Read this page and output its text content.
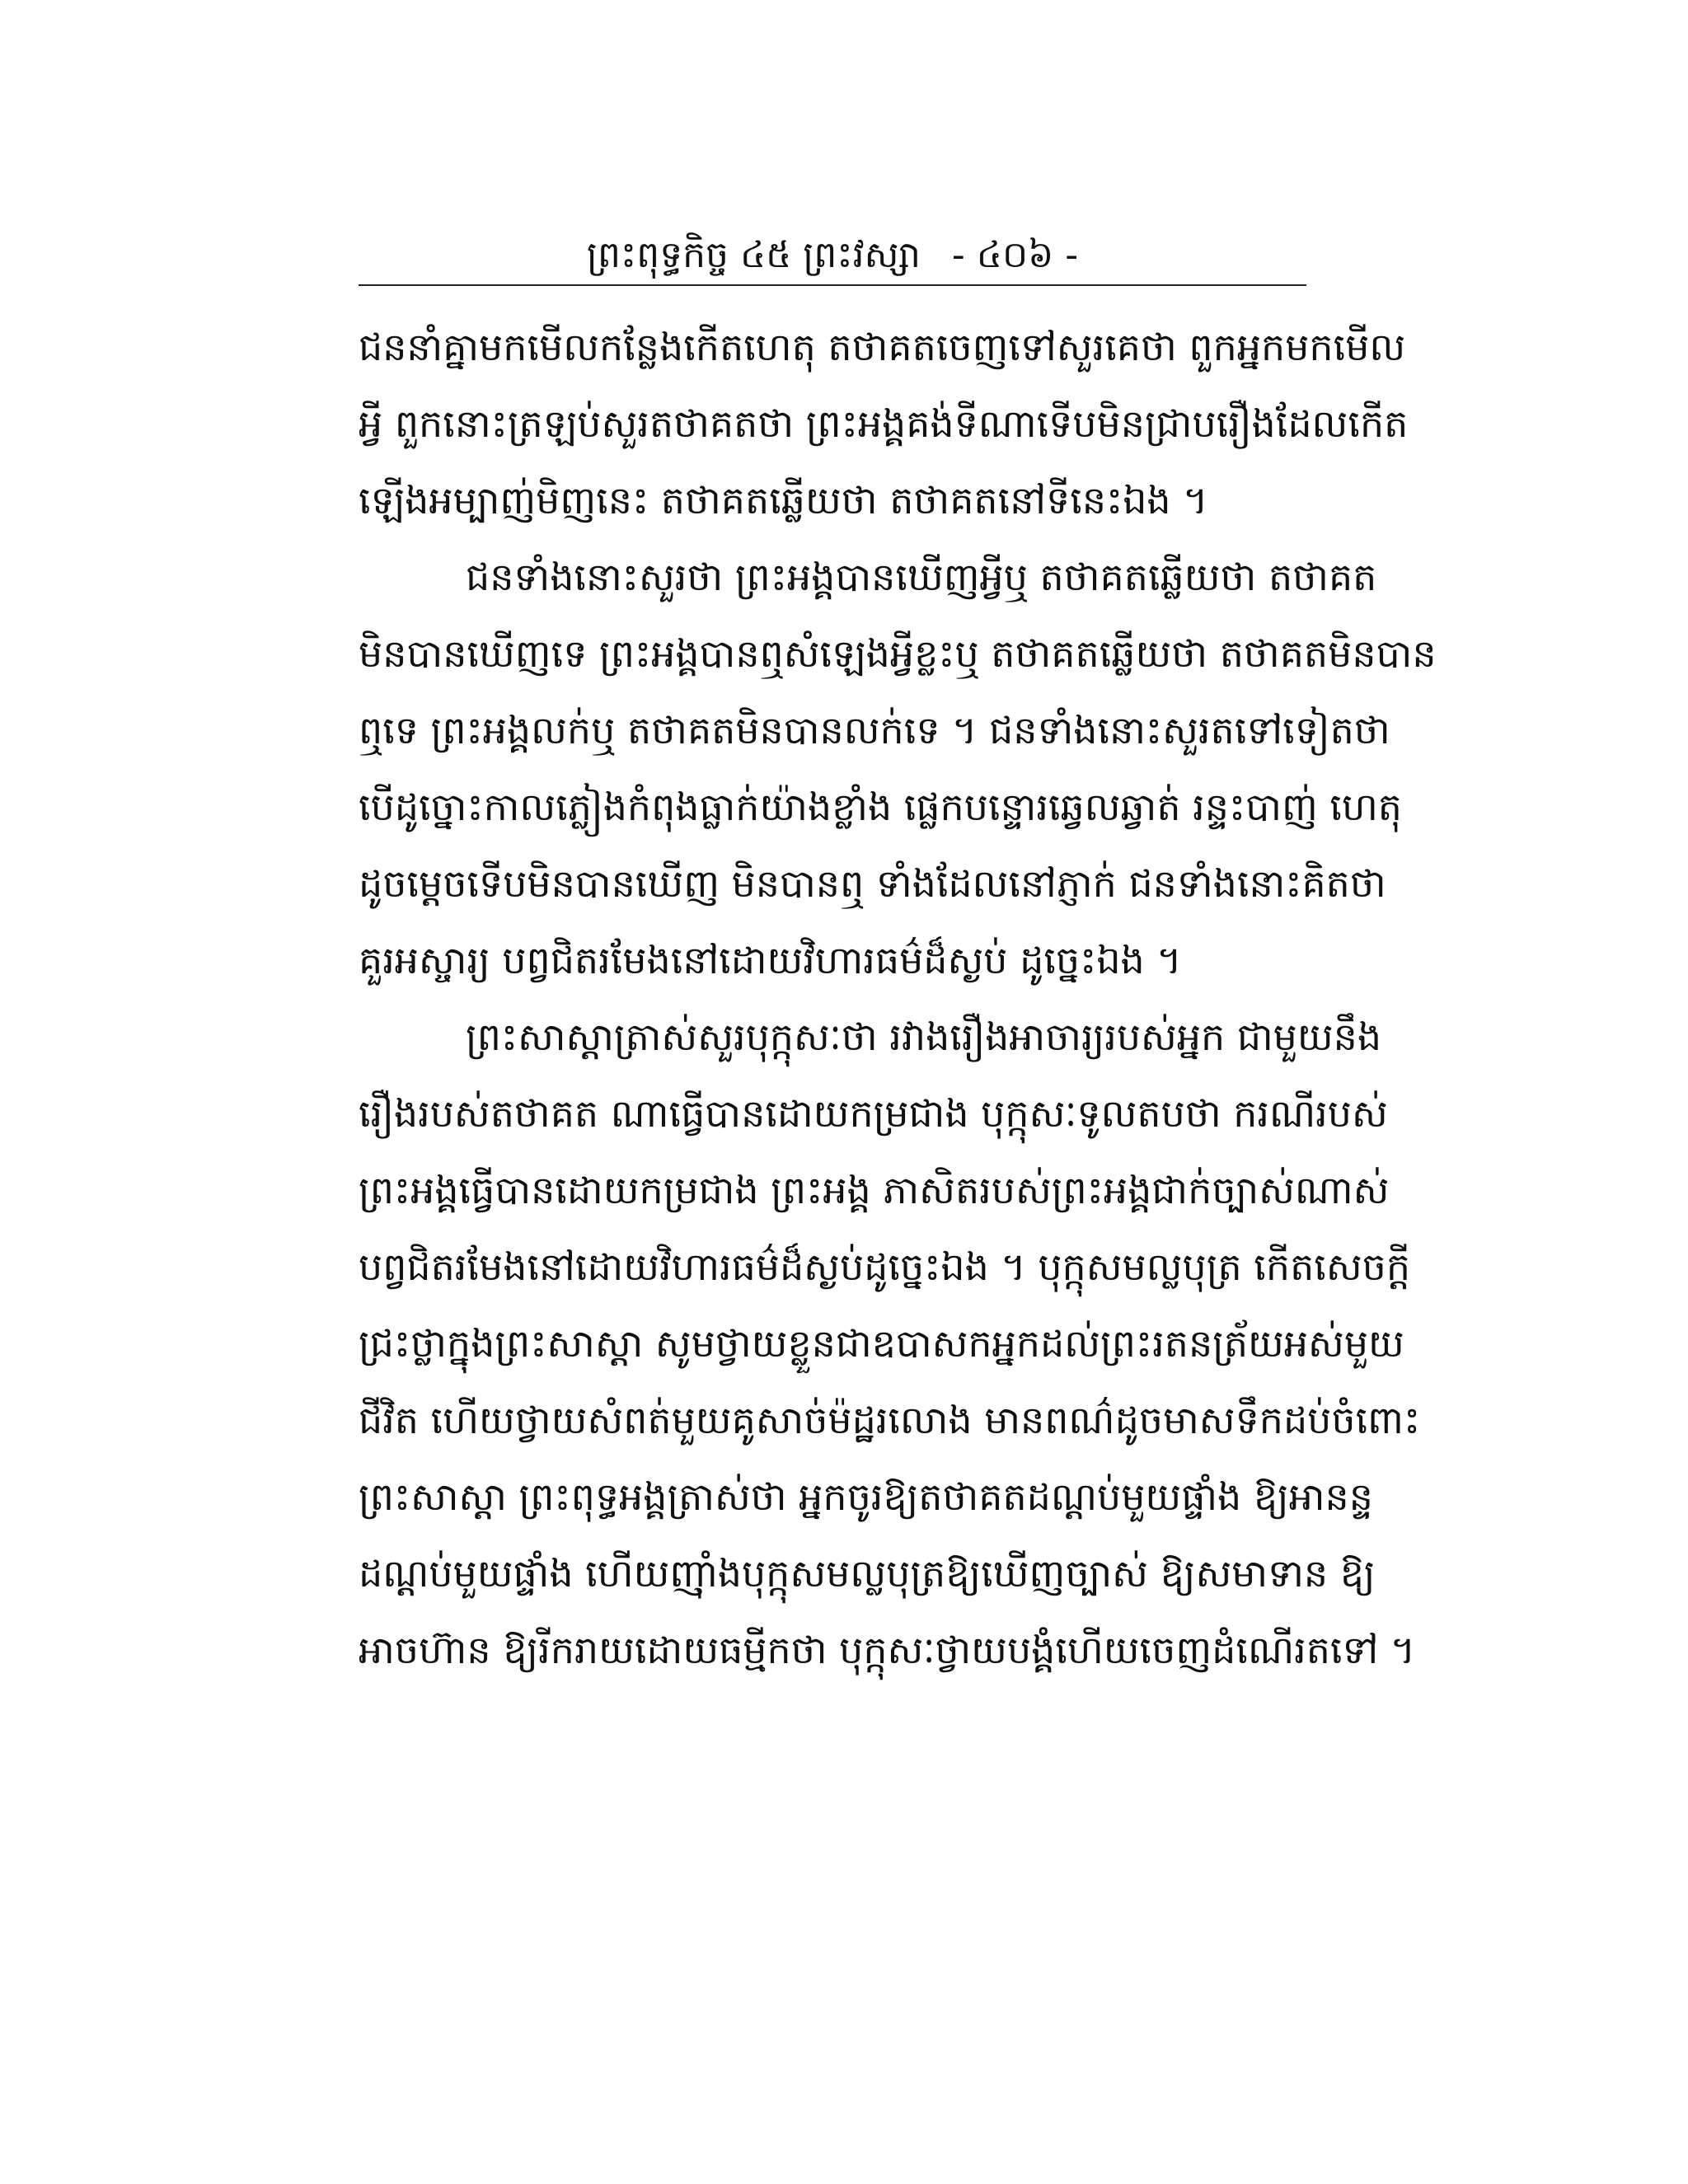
ព្រះពុទ្ធកិច្ច ៤៥ ព្រះវស្សា - ៤០៦ -
ជននាំគ្នាមកមើលកន្លែងកើតហេតុ តថាគតចេញទៅសួរគេថា ពួកអ្នកមកមើល
អ្វី ពួកនោះត្រឡប់សួរតថាគតថា ព្រះអង្គគង់ទីណាទើបមិនជ្រាបរឿងដែលកើត
ឡើងអម្បាញ់មិញនេះ តថាគតឆ្លើយថា តថាគតនៅទីនេះឯង ។
ជនទាំងនោះសួរថា ព្រះអង្គបានឃើញអ្វីឬ តថាគតឆ្លើយថា តថាគត
មិនបានឃើញទេ ព្រះអង្គបានឮសំឡេងអ្វីខ្លះឬ តថាគតឆ្លើយថា តថាគតមិនបាន
ឮទេ ព្រះអង្គលក់ឬ តថាគតមិនបានលក់ទេ ។ ជនទាំងនោះសួរតទៅទៀតថា
បើដូច្នោះកាលភ្លៀងកំពុងធ្លាក់យ៉ាងខ្លាំង ផ្លេកបន្ទោរឆ្វេលឆ្វាត់ រន្ទះបាញ់ ហេតុ
ដូចម្ដេចទើបមិនបានឃើញ មិនបានឮ ទាំងដែលនៅភ្ញាក់ ជនទាំងនោះគិតថា
គួរអស្ចារ្យ បព្វជិតរមែងនៅដោយវិហារធម៌ដ៏ស្ងប់ ដូច្នេះឯង ។
ព្រះសាស្ដាត្រាស់សួរបុក្កុសៈថា រវាងរឿងអាចារ្យរបស់អ្នក ជាមួយនឹង
រឿងរបស់តថាគត ណាធ្វើបានដោយកម្រជាង បុក្កុសៈទូលតបថា ករណីរបស់
ព្រះអង្គធ្វើបានដោយកម្រជាង ព្រះអង្គ ភាសិតរបស់ព្រះអង្គជាក់ច្បាស់ណាស់
បព្វជិតរមែងនៅដោយវិហារធម៌ដ៏ស្ងប់ដូច្នេះឯង ។ បុក្កុសមល្លបុត្រ កើតសេចក្ដី
ជ្រះថ្លាក្នុងព្រះសាស្ដា សូមថ្វាយខ្លួនជាឧបាសកអ្នកដល់ព្រះរតនត្រ័យអស់មួយ
ជីវិត ហើយថ្វាយសំពត់មួយគូសាច់ម៉ដ្ឋរលោង មានពណ៌ដូចមាសទឹកដប់ចំពោះ
ព្រះសាស្ដា ព្រះពុទ្ធអង្គត្រាស់ថា អ្នកចូរឱ្យតថាគតដណ្ដប់មួយផ្ទាំង ឱ្យអានន្ទ
ដណ្ដប់មួយផ្ទាំង ហើយញ៉ាំងបុក្កុសមល្លបុត្រឱ្យឃើញច្បាស់ ឱ្យសមាទាន ឱ្យ
អាចហ៊ាន ឱ្យរីករាយដោយធម្មីកថា បុក្កុសៈថ្វាយបង្គំហើយចេញដំណើរតទៅ ។
